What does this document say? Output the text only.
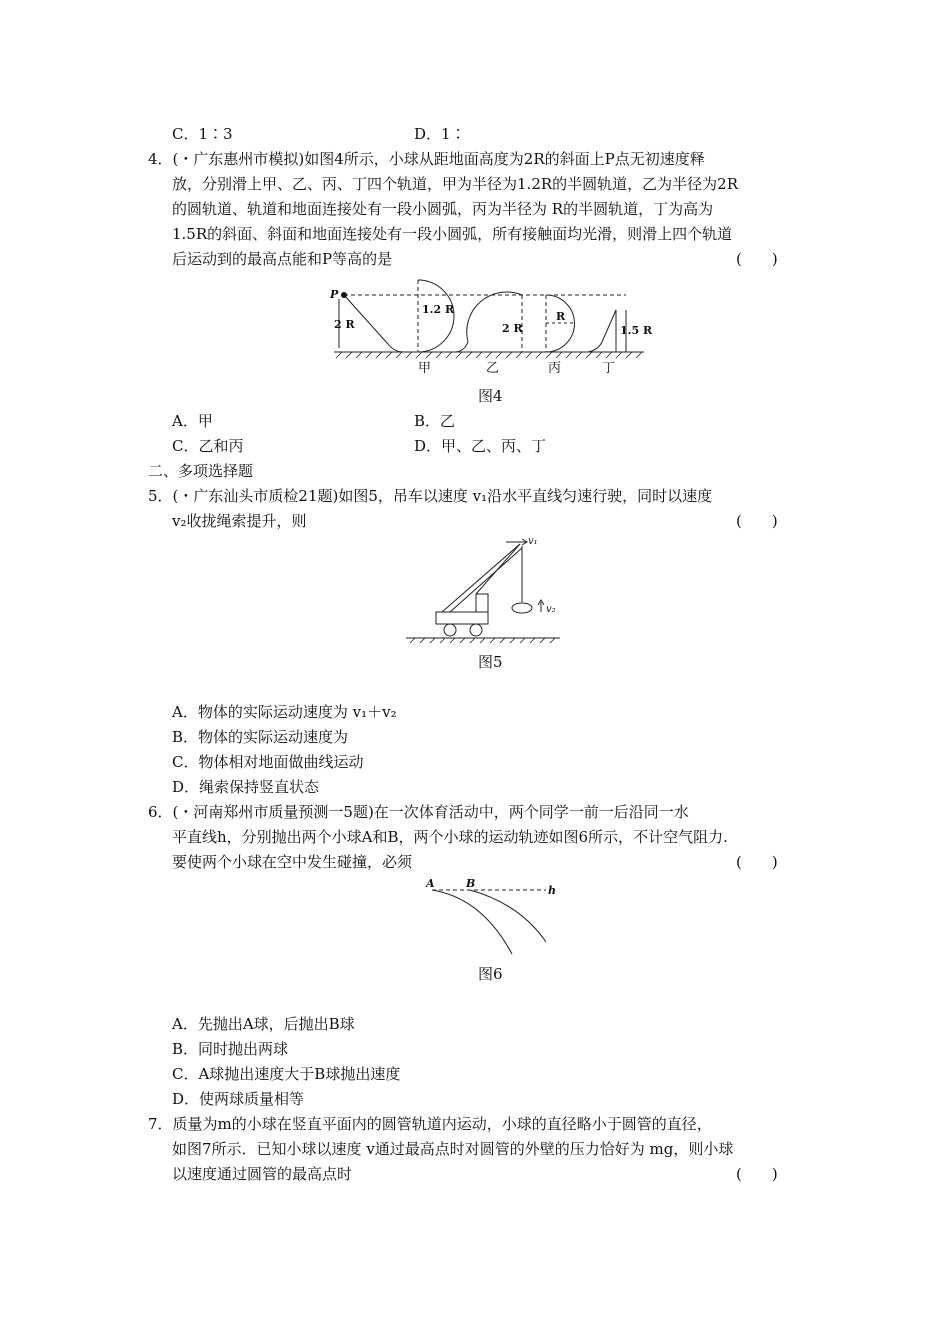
C．1∶3	D．1∶
4．(・广东惠州市模拟)如图4所示，小球从距地面高度为2R的斜面上P点无初速度释
放，分别滑上甲、乙、丙、丁四个轨道，甲为半径为1.2R的半圆轨道，乙为半径为2R
的圆轨道、轨道和地面连接处有一段小圆弧，丙为半径为 R的半圆轨道，丁为高为
1.5R的斜面、斜面和地面连接处有一段小圆弧，所有接触面均光滑，则滑上四个轨道
后运动到的最高点能和P等高的是	(　　)
P
2 R
1.2 R
2 R
R
1.5 R
甲	乙	丙	丁
图4
A．甲	B．乙
C．乙和丙	D．甲、乙、丙、丁
二、多项选择题
5．(・广东汕头市质检21题)如图5，吊车以速度 v₁沿水平直线匀速行驶，同时以速度
v₂收拢绳索提升，则	(　　)
v₁
v₂
图5
A．物体的实际运动速度为 v₁＋v₂
B．物体的实际运动速度为
C．物体相对地面做曲线运动
D．绳索保持竖直状态
6．(・河南郑州市质量预测一5题)在一次体育活动中，两个同学一前一后沿同一水
平直线h，分别抛出两个小球A和B，两个小球的运动轨迹如图6所示，不计空气阻力.
要使两个小球在空中发生碰撞，必须	(　　)
A	B
h
图6
A．先抛出A球，后抛出B球
B．同时抛出两球
C．A球抛出速度大于B球抛出速度
D．使两球质量相等
7．质量为m的小球在竖直平面内的圆管轨道内运动，小球的直径略小于圆管的直径，
如图7所示．已知小球以速度 v通过最高点时对圆管的外壁的压力恰好为 mg，则小球
以速度通过圆管的最高点时	(　　)
